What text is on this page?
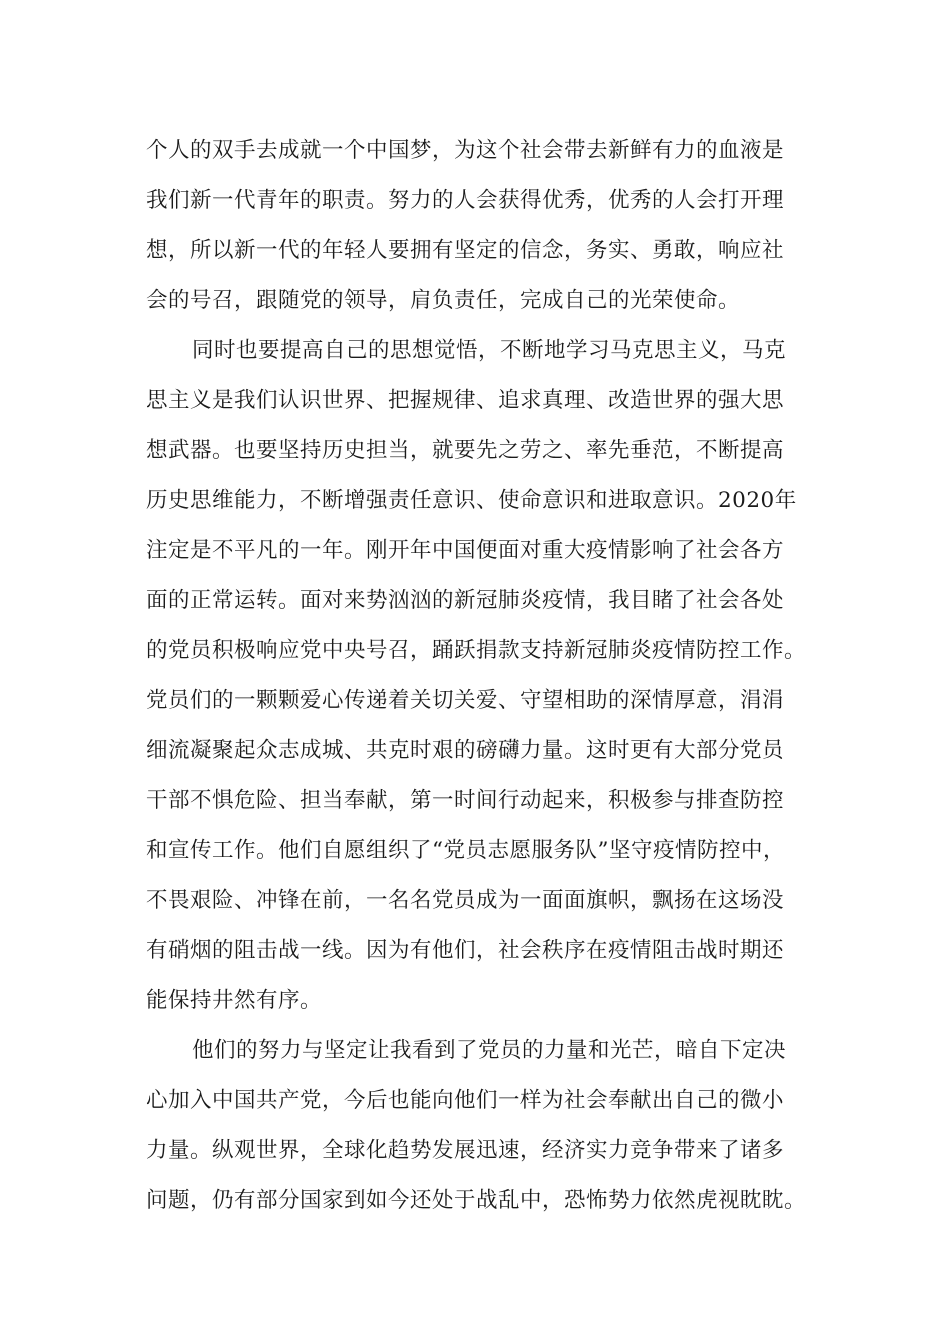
个人的双手去成就一个中国梦，为这个社会带去新鲜有力的血液是

我们新一代青年的职责。努力的人会获得优秀，优秀的人会打开理

想，所以新一代的年轻人要拥有坚定的信念，务实、勇敢，响应社

会的号召，跟随党的领导，肩负责任，完成自己的光荣使命。

同时也要提高自己的思想觉悟，不断地学习马克思主义，马克

思主义是我们认识世界、把握规律、追求真理、改造世界的强大思

想武器。也要坚持历史担当，就要先之劳之、率先垂范，不断提高

历史思维能力，不断增强责任意识、使命意识和进取意识。2020年

注定是不平凡的一年。刚开年中国便面对重大疫情影响了社会各方

面的正常运转。面对来势汹汹的新冠肺炎疫情，我目睹了社会各处

的党员积极响应党中央号召，踊跃捐款支持新冠肺炎疫情防控工作。

党员们的一颗颗爱心传递着关切关爱、守望相助的深情厚意，涓涓

细流凝聚起众志成城、共克时艰的磅礴力量。这时更有大部分党员

干部不惧危险、担当奉献，第一时间行动起来，积极参与排查防控

和宣传工作。他们自愿组织了“党员志愿服务队”坚守疫情防控中，

不畏艰险、冲锋在前，一名名党员成为一面面旗帜，飘扬在这场没

有硝烟的阻击战一线。因为有他们，社会秩序在疫情阻击战时期还

能保持井然有序。

他们的努力与坚定让我看到了党员的力量和光芒，暗自下定决

心加入中国共产党，今后也能向他们一样为社会奉献出自己的微小

力量。纵观世界，全球化趋势发展迅速，经济实力竞争带来了诸多

问题，仍有部分国家到如今还处于战乱中，恐怖势力依然虎视眈眈。
